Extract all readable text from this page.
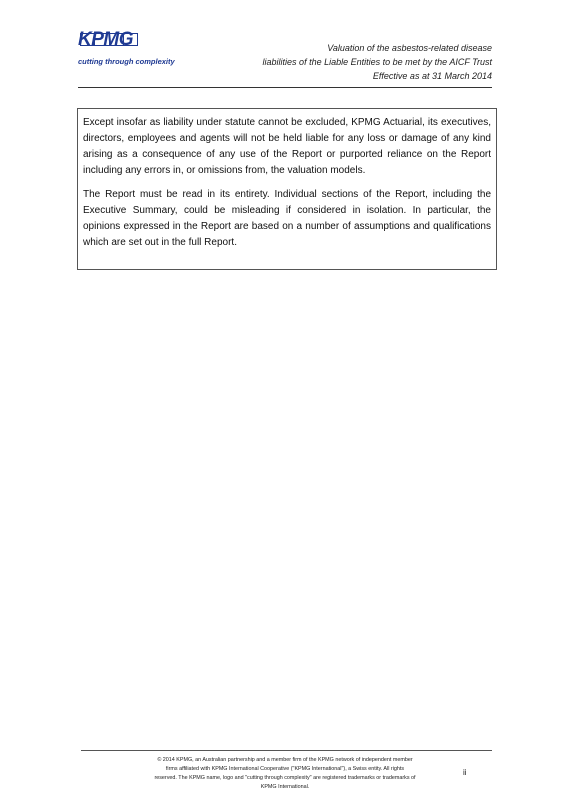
KPMG
cutting through complexity
Valuation of the asbestos-related disease
liabilities of the Liable Entities to be met by the AICF Trust
Effective as at 31 March 2014

Except insofar as liability under statute cannot be excluded, KPMG Actuarial, its executives, directors, employees and agents will not be held liable for any loss or damage of any kind arising as a consequence of any use of the Report or purported reliance on the Report including any errors in, or omissions from, the valuation models.

The Report must be read in its entirety. Individual sections of the Report, including the Executive Summary, could be misleading if considered in isolation. In particular, the opinions expressed in the Report are based on a number of assumptions and qualifications which are set out in the full Report.

© 2014 KPMG, an Australian partnership and a member firm of the KPMG network of independent member
firms affiliated with KPMG International Cooperative ("KPMG International"), a Swiss entity. All rights
reserved. The KPMG name, logo and "cutting through complexity" are registered trademarks or trademarks of
KPMG International.
ii
